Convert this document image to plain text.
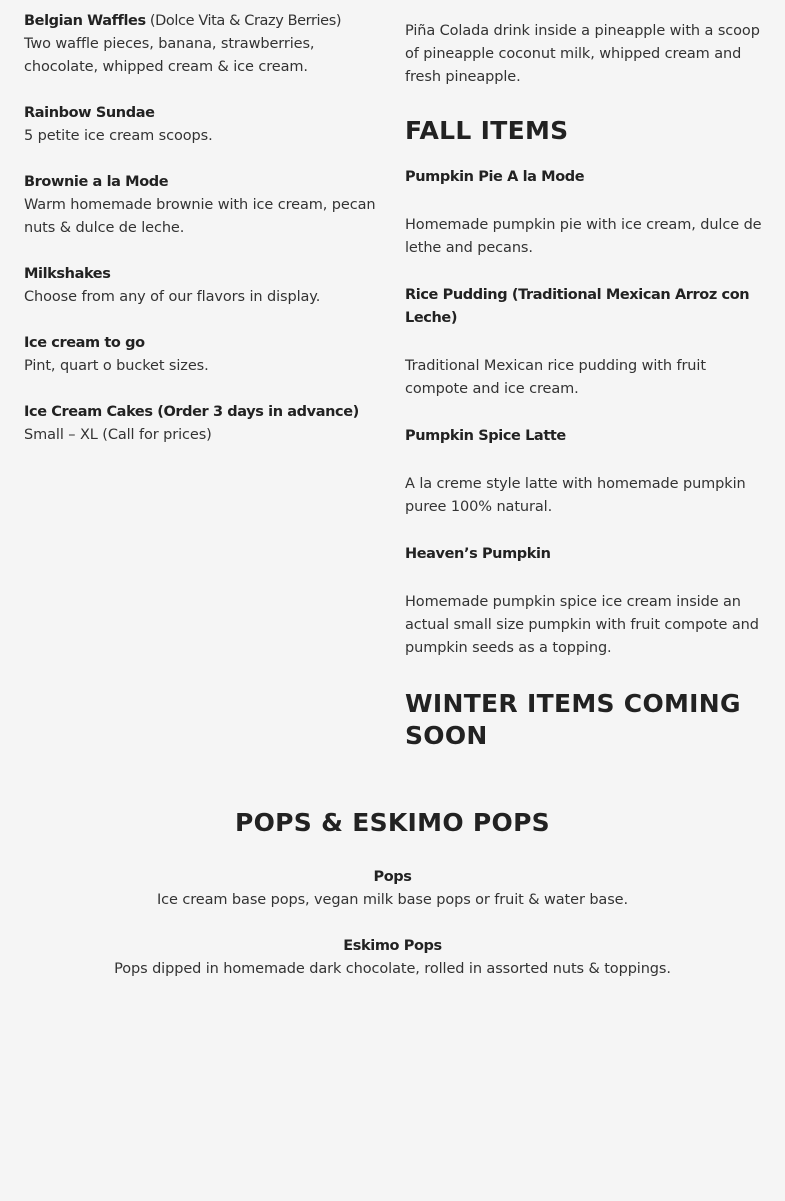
Belgian Waffles (Dolce Vita & Crazy Berries)
Two waffle pieces, banana, strawberries, chocolate, whipped cream & ice cream.
Rainbow Sundae
5 petite ice cream scoops.
Brownie a la Mode
Warm homemade brownie with ice cream, pecan nuts & dulce de leche.
Milkshakes
Choose from any of our flavors in display.
Ice cream to go
Pint, quart o bucket sizes.
Ice Cream Cakes (Order 3 days in advance)
Small – XL (Call for prices)
Piña Colada drink inside a pineapple with a scoop of pineapple coconut milk, whipped cream and fresh pineapple.
FALL ITEMS
Pumpkin Pie A la Mode
Homemade pumpkin pie with ice cream, dulce de lethe and pecans.
Rice Pudding (Traditional Mexican Arroz con Leche)
Traditional Mexican rice pudding with fruit compote and ice cream.
Pumpkin Spice Latte
A la creme style latte with homemade pumpkin puree 100% natural.
Heaven’s Pumpkin
Homemade pumpkin spice ice cream inside an actual small size pumpkin with fruit compote and pumpkin seeds as a topping.
WINTER ITEMS COMING SOON
POPS & ESKIMO POPS
Pops
Ice cream base pops, vegan milk base pops or fruit & water base.
Eskimo Pops
Pops dipped in homemade dark chocolate, rolled in assorted nuts & toppings.
